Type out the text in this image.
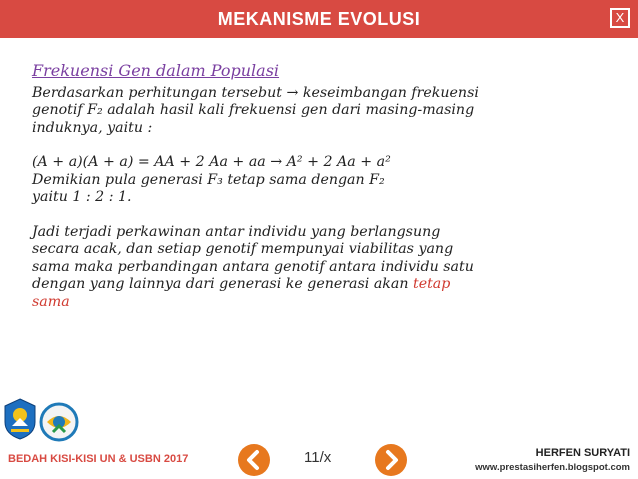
MEKANISME EVOLUSI	X
Frekuensi Gen dalam Populasi
Berdasarkan perhitungan tersebut → keseimbangan frekuensi
genotif F₂ adalah hasil kali frekuensi gen dari masing-masing
induknya, yaitu :
(A + a)(A + a) = AA + 2 Aa + aa → A² + 2 Aa + a²
Demikian pula generasi F₃ tetap sama dengan F₂
yaitu 1 : 2 : 1.
Jadi terjadi perkawinan antar individu yang berlangsung
secara acak, dan setiap genotif mempunyai viabilitas yang
sama maka perbandingan antara genotif antara individu satu
dengan yang lainnya dari generasi ke generasi akan tetap
sama
BEDAH KISI-KISI UN & USBN 2017	11/x	HERFEN SURYATI
www.prestasiherfen.blogspot.com
